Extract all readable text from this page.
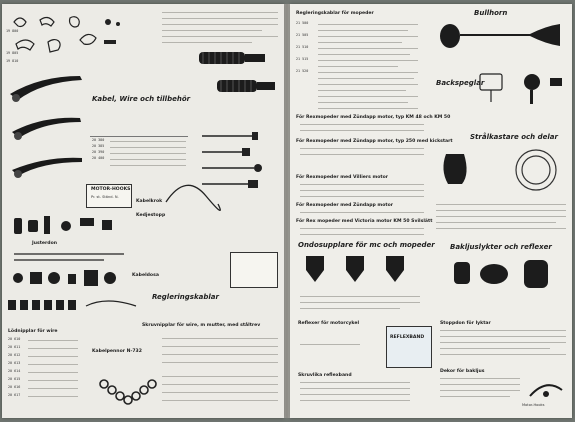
19 800
19 805
19 810
Kabel, Wire och tillbehör
20 380
20 385
20 390
20 400
MOTOR-HOOKS
Pr. st. Ständ. N.
Kabelkrok
Kedjestopp
Justerdon
Kabeldosa
Regleringskablar
Skruvnipplar för wire, m mutter, med ståltrev
Lödnipplar för wire
20 610
20 611
20 612
20 613
20 614
20 615
20 616
20 617
Kabelpennor N-732
Regleringskablar för mopeder	Bullhorn
21 500
21 505
21 510
21 515
21 520
För Rexmopeder med Zündapp motor, typ KM 48 och KM 50
För Rexmopeder med Zündapp motor, typ 250 med kickstart
För Rexmopeder med Villiers motor
För Rexmopeder med Zündapp motor
För Rex mopeder med Victoria motor KM 50 Svilslätt
Backspeglar
Strålkastare och delar
Ondosupplare för mc och mopeder Bakljuslykter och reflexer
Reflexer för motorcykel
REFLEXBAND
Stoppdon för lyktar
Skruvlika reflexband
Dekor för bakljus
Motor-Hooks
